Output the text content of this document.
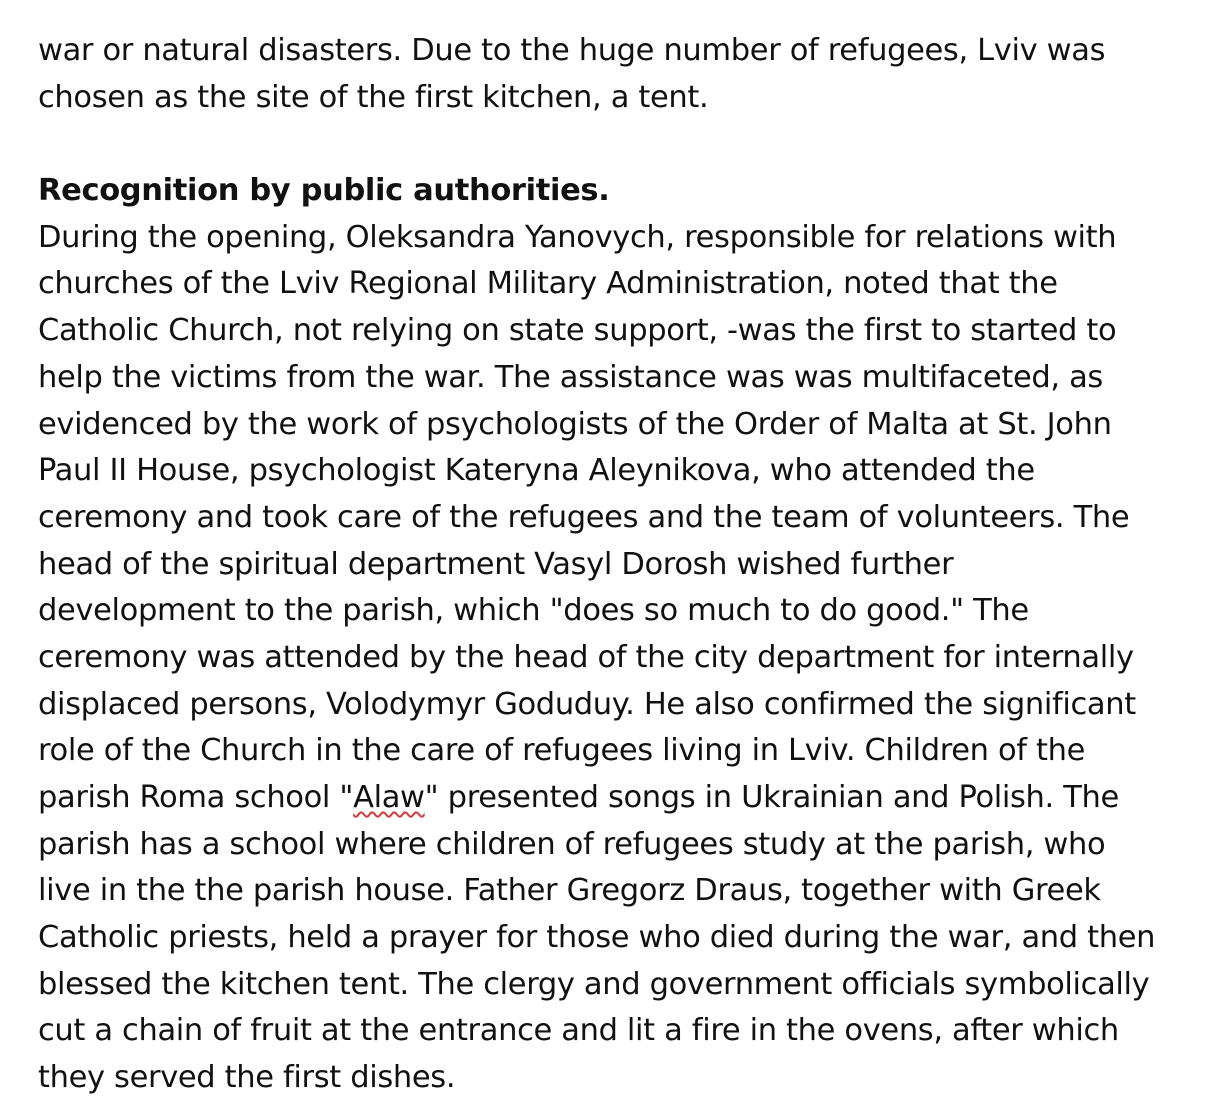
war or natural disasters. Due to the huge number of refugees, Lviv was
chosen as the site of the first kitchen, a tent.
Recognition by public authorities.
During the opening, Oleksandra Yanovych, responsible for relations with
churches of the Lviv Regional Military Administration, noted that the
Catholic Church, not relying on state support, -was the first to started to
help the victims from the war. The assistance was was multifaceted, as
evidenced by the work of psychologists of the Order of Malta at St. John
Paul II House, psychologist Kateryna Aleynikova, who attended the
ceremony and took care of the refugees and the team of volunteers. The
head of the spiritual department Vasyl Dorosh wished further
development to the parish, which "does so much to do good." The
ceremony was attended by the head of the city department for internally
displaced persons, Volodymyr Goduduy. He also confirmed the significant
role of the Church in the care of refugees living in Lviv. Children of the
parish Roma school "Alaw" presented songs in Ukrainian and Polish. The
parish has a school where children of refugees study at the parish, who
live in the the parish house. Father Gregorz Draus, together with Greek
Catholic priests, held a prayer for those who died during the war, and then
blessed the kitchen tent. The clergy and government officials symbolically
cut a chain of fruit at the entrance and lit a fire in the ovens, after which
they served the first dishes.
